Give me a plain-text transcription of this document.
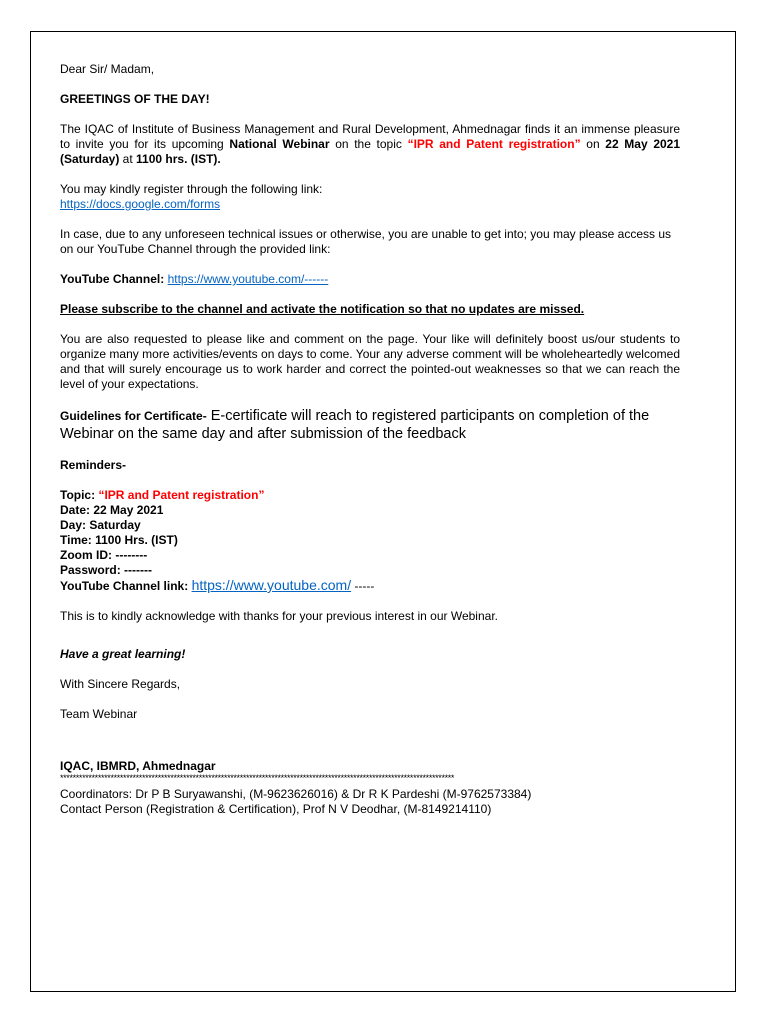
Dear Sir/ Madam,

GREETINGS OF THE DAY!

The IQAC of Institute of Business Management and Rural Development, Ahmednagar finds it an immense pleasure to invite you for its upcoming National Webinar on the topic “IPR and Patent registration” on 22 May 2021 (Saturday) at 1100 hrs. (IST).

You may kindly register through the following link:

https://docs.google.com/forms

In case, due to any unforeseen technical issues or otherwise, you are unable to get into; you may please access us on our YouTube Channel through the provided link:

YouTube Channel: https://www.youtube.com/------

Please subscribe to the channel and activate the notification so that no updates are missed.

You are also requested to please like and comment on the page. Your like will definitely boost us/our students to organize many more activities/events on days to come. Your any adverse comment will be wholeheartedly welcomed and that will surely encourage us to work harder and correct the pointed-out weaknesses so that we can reach the level of your expectations.

Guidelines for Certificate- E-certificate will reach to registered participants on completion of the Webinar on the same day and after submission of the feedback

Reminders-

Topic: “IPR and Patent registration”

Date: 22 May 2021

Day: Saturday

Time: 1100 Hrs. (IST)

Zoom ID: --------

Password: -------

YouTube Channel link: https://www.youtube.com/ -----

This is to kindly acknowledge with thanks for your previous interest in our Webinar.

Have a great learning!

With Sincere Regards,

Team Webinar

IQAC, IBMRD, Ahmednagar

*****************************************************************************************************************************

Coordinators: Dr P B Suryawanshi, (M-9623626016) & Dr R K Pardeshi (M-9762573384)

Contact Person (Registration & Certification), Prof N V Deodhar, (M-8149214110)
